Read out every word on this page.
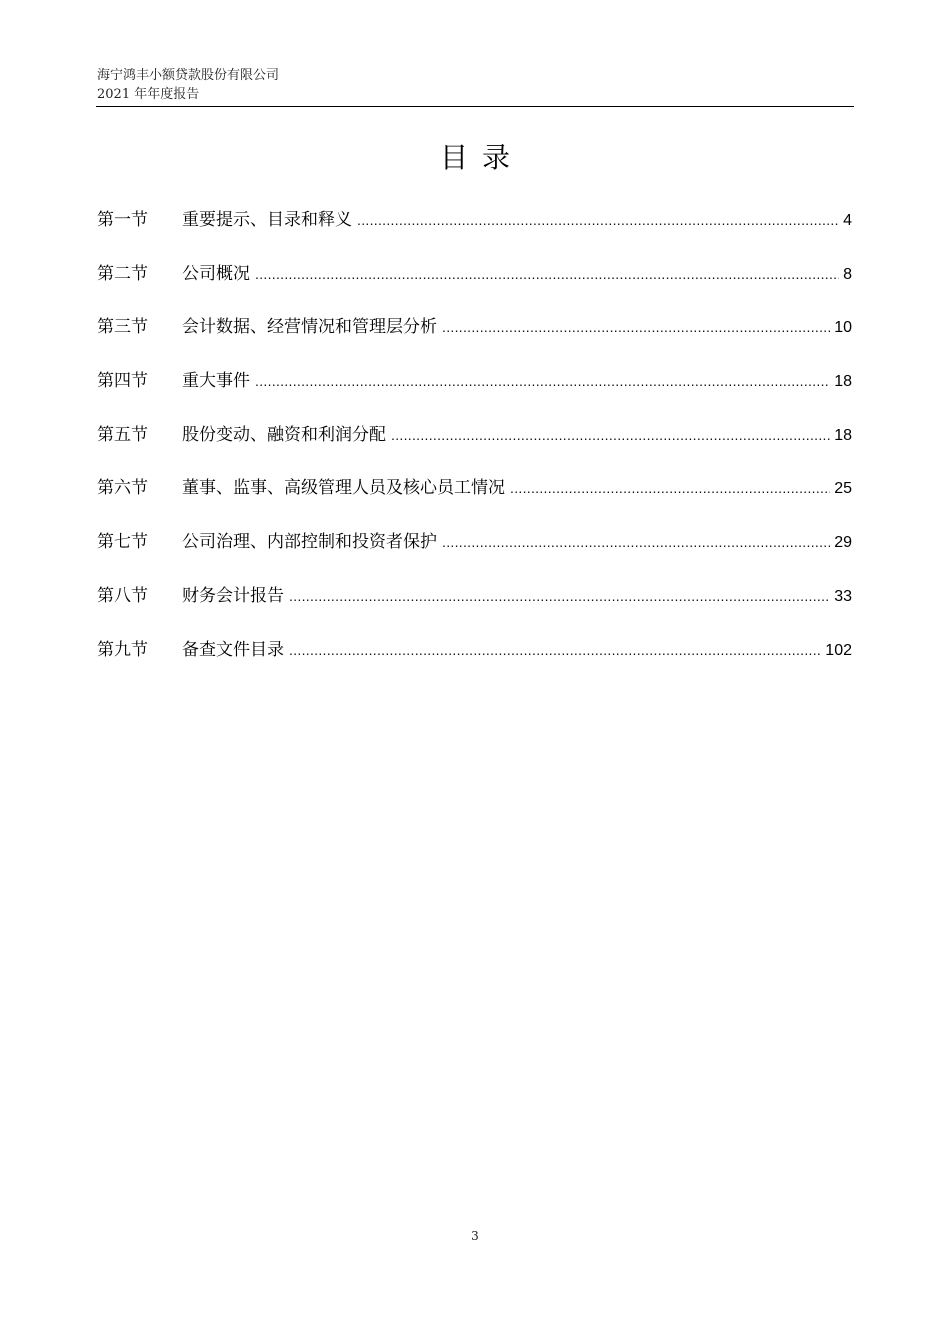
海宁鸿丰小额贷款股份有限公司
2021 年年度报告
目录
第一节	重要提示、目录和释义 .....	4
第二节	公司概况 .....	8
第三节	会计数据、经营情况和管理层分析 .....	10
第四节	重大事件 .....	18
第五节	股份变动、融资和利润分配 .....	18
第六节	董事、监事、高级管理人员及核心员工情况 .....	25
第七节	公司治理、内部控制和投资者保护 .....	29
第八节	财务会计报告 .....	33
第九节	备查文件目录 .....	102
3
